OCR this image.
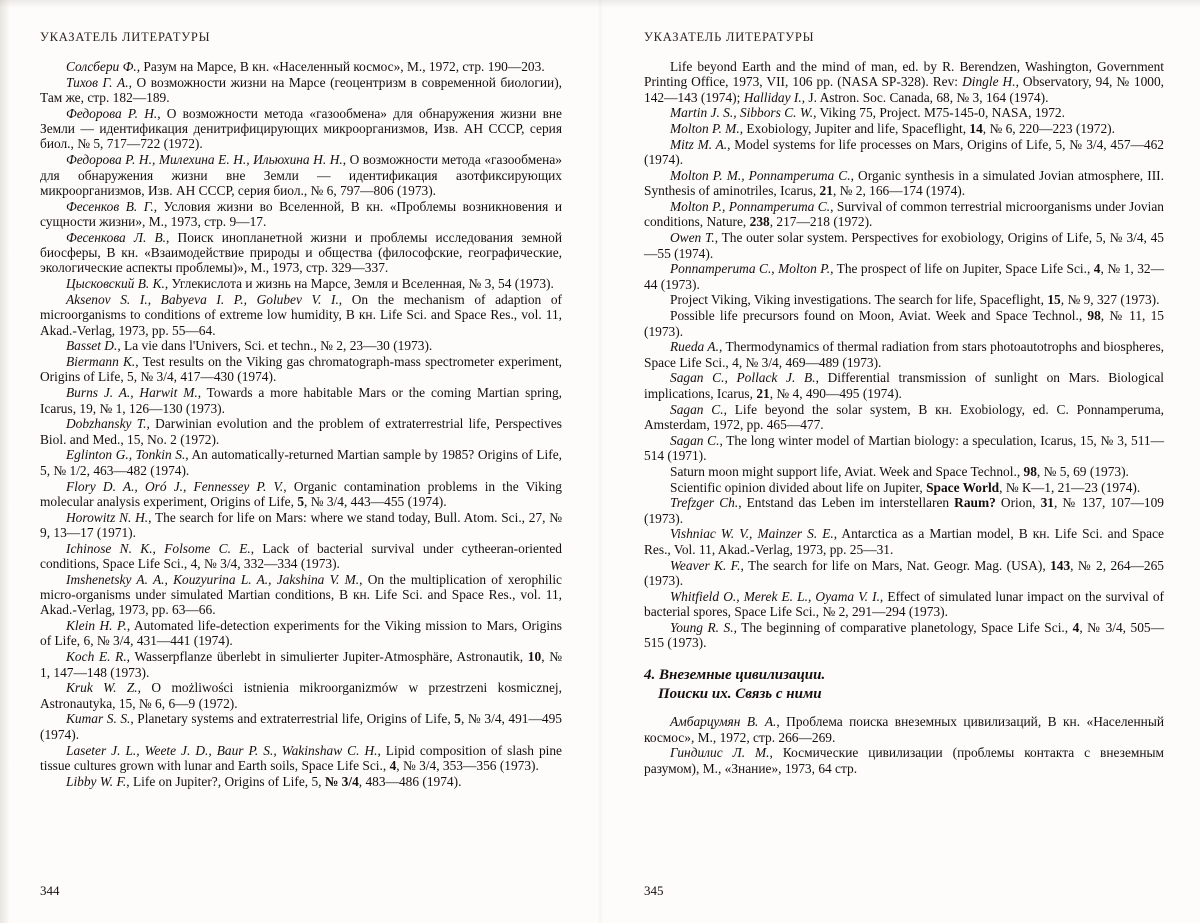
УКАЗАТЕЛЬ ЛИТЕРАТУРЫ

Солсбери Ф., Разум на Марсе, В кн. «Населенный космос», М., 1972, стр. 190—203.

Тихов Г. А., О возможности жизни на Марсе (геоцентризм в современной биологии), Там же, стр. 182—189.

Федорова Р. Н., О возможности метода «газообмена» для обнаружения жизни вне Земли — идентификация денитрифицирующих микроорганизмов, Изв. АН СССР, серия биол., № 5, 717—722 (1972).

Федорова Р. Н., Милехина Е. Н., Ильюхина Н. Н., О возможности метода «газообмена» для обнаружения жизни вне Земли — идентификация азотфиксирующих микроорганизмов, Изв. АН СССР, серия биол., № 6, 797—806 (1973).

Фесенков В. Г., Условия жизни во Вселенной, В кн. «Проблемы возникновения и сущности жизни», М., 1973, стр. 9—17.

Фесенкова Л. В., Поиск инопланетной жизни и проблемы исследования земной биосферы, В кн. «Взаимодействие природы и общества (философские, географические, экологические аспекты проблемы)», М., 1973, стр. 329—337.

Цысковский В. К., Углекислота и жизнь на Марсе, Земля и Вселенная, № 3, 54 (1973).

Aksenov S. I., Babyeva I. P., Golubev V. I., On the mechanism of adaption of microorganisms to conditions of extreme low humidity, В кн. Life Sci. and Space Res., vol. 11, Akad.-Verlag, 1973, pp. 55—64.

Basset D., La vie dans l'Univers, Sci. et techn., № 2, 23—30 (1973).

Biermann K., Test results on the Viking gas chromatograph-mass spectrometer experiment, Origins of Life, 5, № 3/4, 417—430 (1974).

Burns J. A., Harwit M., Towards a more habitable Mars or the coming Martian spring, Icarus, 19, № 1, 126—130 (1973).

Dobzhansky T., Darwinian evolution and the problem of extraterrestrial life, Perspectives Biol. and Med., 15, No. 2 (1972).

Eglinton G., Tonkin S., An automatically-returned Martian sample by 1985? Origins of Life, 5, № 1/2, 463—482 (1974).

Flory D. A., Oró J., Fennessey P. V., Organic contamination problems in the Viking molecular analysis experiment, Origins of Life, 5, № 3/4, 443—455 (1974).

Horowitz N. H., The search for life on Mars: where we stand today, Bull. Atom. Sci., 27, № 9, 13—17 (1971).

Ichinose N. K., Folsome C. E., Lack of bacterial survival under cytheeran-oriented conditions, Space Life Sci., 4, № 3/4, 332—334 (1973).

Imshenetsky A. A., Kouzyurina L. A., Jakshina V. M., On the multiplication of xerophilic micro-organisms under simulated Martian conditions, В кн. Life Sci. and Space Res., vol. 11, Akad.-Verlag, 1973, pp. 63—66.

Klein H. P., Automated life-detection experiments for the Viking mission to Mars, Origins of Life, 6, № 3/4, 431—441 (1974).

Koch E. R., Wasserpflanze überlebt in simulierter Jupiter-Atmosphäre, Astronautik, 10, № 1, 147—148 (1973).

Kruk W. Z., O możliwości istnienia mikroorganizmów w przestrzeni kosmicznej, Astronautyka, 15, № 6, 6—9 (1972).

Kumar S. S., Planetary systems and extraterrestrial life, Origins of Life, 5, № 3/4, 491—495 (1974).

Laseter J. L., Weete J. D., Baur P. S., Wakinshaw C. H., Lipid composition of slash pine tissue cultures grown with lunar and Earth soils, Space Life Sci., 4, № 3/4, 353—356 (1973).

Libby W. F., Life on Jupiter?, Origins of Life, 5, № 3/4, 483—486 (1974).

344
УКАЗАТЕЛЬ ЛИТЕРАТУРЫ

Life beyond Earth and the mind of man, ed. by R. Berendzen, Washington, Government Printing Office, 1973, VII, 106 pp. (NASA SP-328). Rev: Dingle H., Observatory, 94, № 1000, 142—143 (1974); Halliday I., J. Astron. Soc. Canada, 68, № 3, 164 (1974).

Martin J. S., Sibbors C. W., Viking 75, Project. M75-145-0, NASA, 1972.

Molton P. M., Exobiology, Jupiter and life, Spaceflight, 14, № 6, 220—223 (1972).

Mitz M. A., Model systems for life processes on Mars, Origins of Life, 5, № 3/4, 457—462 (1974).

Molton P. M., Ponnamperuma C., Organic synthesis in a simulated Jovian atmosphere, III. Synthesis of aminotriles, Icarus, 21, № 2, 166—174 (1974).

Molton P., Ponnamperuma C., Survival of common terrestrial microorganisms under Jovian conditions, Nature, 238, 217—218 (1972).

Owen T., The outer solar system. Perspectives for exobiology, Origins of Life, 5, № 3/4, 45—55 (1974).

Ponnamperuma C., Molton P., The prospect of life on Jupiter, Space Life Sci., 4, № 1, 32—44 (1973).

Project Viking, Viking investigations. The search for life, Spaceflight, 15, № 9, 327 (1973).

Possible life precursors found on Moon, Aviat. Week and Space Technol., 98, № 11, 15 (1973).

Rueda A., Thermodynamics of thermal radiation from stars photoautotrophs and biospheres, Space Life Sci., 4, № 3/4, 469—489 (1973).

Sagan C., Pollack J. B., Differential transmission of sunlight on Mars. Biological implications, Icarus, 21, № 4, 490—495 (1974).

Sagan C., Life beyond the solar system, В кн. Exobiology, ed. C. Ponnamperuma, Amsterdam, 1972, pp. 465—477.

Sagan C., The long winter model of Martian biology: a speculation, Icarus, 15, № 3, 511—514 (1971).

Saturn moon might support life, Aviat. Week and Space Technol., 98, № 5, 69 (1973).

Scientific opinion divided about life on Jupiter, Space World, № К—1, 21—23 (1974).

Trefzger Ch., Entstand das Leben im interstellaren Raum? Orion, 31, № 137, 107—109 (1973).

Vishniac W. V., Mainzer S. E., Antarctica as a Martian model, В кн. Life Sci. and Space Res., Vol. 11, Akad.-Verlag, 1973, pp. 25—31.

Weaver K. F., The search for life on Mars, Nat. Geogr. Mag. (USA), 143, № 2, 264—265 (1973).

Whitfield O., Merek E. L., Oyama V. I., Effect of simulated lunar impact on the survival of bacterial spores, Space Life Sci., № 2, 291—294 (1973).

Young R. S., The beginning of comparative planetology, Space Life Sci., 4, № 3/4, 505—515 (1973).

4. Внеземные цивилизации.
Поиски их. Связь с ними

Амбарцумян В. А., Проблема поиска внеземных цивилизаций, В кн. «Населенный космос», М., 1972, стр. 266—269.

Гиндилис Л. М., Космические цивилизации (проблемы контакта с внеземным разумом), М., «Знание», 1973, 64 стр.

345
